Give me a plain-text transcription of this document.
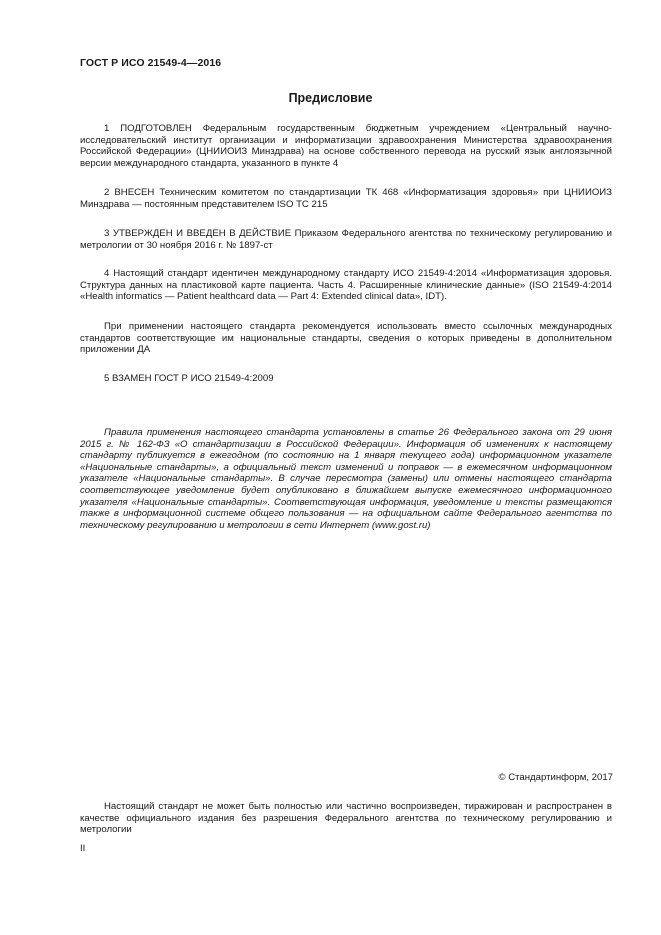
ГОСТ Р ИСО 21549-4—2016
Предисловие
1 ПОДГОТОВЛЕН Федеральным государственным бюджетным учреждением «Центральный научно-исследовательский институт организации и информатизации здравоохранения Министерства здравоохранения Российской Федерации» (ЦНИИОИЗ Минздрава) на основе собственного перевода на русский язык англоязычной версии международного стандарта, указанного в пункте 4
2 ВНЕСЕН Техническим комитетом по стандартизации ТК 468 «Информатизация здоровья» при ЦНИИОИЗ Минздрава — постоянным представителем ISO ТС 215
3 УТВЕРЖДЕН И ВВЕДЕН В ДЕЙСТВИЕ Приказом Федерального агентства по техническому регулированию и метрологии от 30 ноября 2016 г. № 1897-ст
4 Настоящий стандарт идентичен международному стандарту ИСО 21549-4:2014 «Информатизация здоровья. Структура данных на пластиковой карте пациента. Часть 4. Расширенные клинические данные» (ISO 21549-4:2014 «Health informatics — Patient healthcard data — Part 4: Extended clinical data», IDT).
При применении настоящего стандарта рекомендуется использовать вместо ссылочных международных стандартов соответствующие им национальные стандарты, сведения о которых приведены в дополнительном приложении ДА
5 ВЗАМЕН ГОСТ Р ИСО 21549-4:2009
Правила применения настоящего стандарта установлены в статье 26 Федерального закона от 29 июня 2015 г. № 162-ФЗ «О стандартизации в Российской Федерации». Информация об изменениях к настоящему стандарту публикуется в ежегодном (по состоянию на 1 января текущего года) информационном указателе «Национальные стандарты», а официальный текст изменений и поправок — в ежемесячном информационном указателе «Национальные стандарты». В случае пересмотра (замены) или отмены настоящего стандарта соответствующее уведомление будет опубликовано в ближайшем выпуске ежемесячного информационного указателя «Национальные стандарты». Соответствующая информация, уведомление и тексты размещаются также в информационной системе общего пользования — на официальном сайте Федерального агентства по техническому регулированию и метрологии в сети Интернет (www.gost.ru)
© Стандартинформ, 2017
Настоящий стандарт не может быть полностью или частично воспроизведен, тиражирован и распространен в качестве официального издания без разрешения Федерального агентства по техническому регулированию и метрологии
II
